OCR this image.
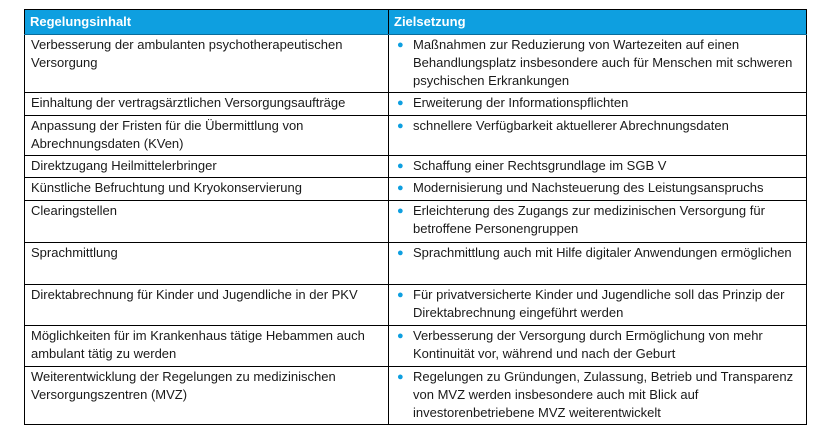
Regelungsinhalt	Zielsetzung
Verbesserung der ambulanten psychotherapeutischen Versorgung	● Maßnahmen zur Reduzierung von Wartezeiten auf einen Behandlungsplatz insbesondere auch für Menschen mit schweren psychischen Erkrankungen

Einhaltung der vertragsärztlichen Versorgungsaufträge	● Erweiterung der Informationspflichten

Anpassung der Fristen für die Übermittlung von Abrechnungsdaten (KVen)	● schnellere Verfügbarkeit aktuellerer Abrechnungsdaten

Direktzugang Heilmittelerbringer	● Schaffung einer Rechtsgrundlage im SGB V

Künstliche Befruchtung und Kryokonservierung	● Modernisierung und Nachsteuerung des Leistungsanspruchs

Clearingstellen	● Erleichterung des Zugangs zur medizinischen Versorgung für betroffene Personengruppen

Sprachmittlung	● Sprachmittlung auch mit Hilfe digitaler Anwendungen ermöglichen

Direktabrechnung für Kinder und Jugendliche in der PKV	● Für privatversicherte Kinder und Jugendliche soll das Prinzip der Direktabrechnung eingeführt werden

Möglichkeiten für im Krankenhaus tätige Hebammen auch ambulant tätig zu werden	● Verbesserung der Versorgung durch Ermöglichung von mehr Kontinuität vor, während und nach der Geburt

Weiterentwicklung der Regelungen zu medizinischen Versorgungszentren (MVZ)	● Regelungen zu Gründungen, Zulassung, Betrieb und Transparenz von MVZ werden insbesondere auch mit Blick auf investorenbetriebene MVZ weiterentwickelt
